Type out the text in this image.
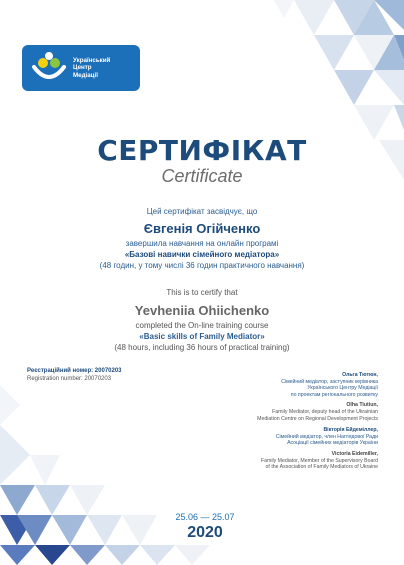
Український
Центр
Медіації
СЕРТИФІКАТ
Certificate
Цей сертифікат засвідчує, що
Євгенія Огійченко
завершила навчання на онлайн програмі
«Базові навички сімейного медіатора»
(48 годин, у тому числі 36 годин практичного навчання)
This is to certify that
Yevheniia Ohiichenko
completed the On-line training course
«Basic skills of Family Mediator»
(48 hours, including 36 hours of practical training)
Реєстраційний номер: 20070203
Registration number: 20070203
Ольга Тютюн,
Сімейний медіатор, заступник керівника
Українського Центру Медіації
по проектам регіонального розвитку
Olha Tiutiun,
Family Mediator, deputy head of the Ukrainian
Mediation Centre on Regional Development Projects
Вікторія Ейдеміллер,
Сімейний медіатор, член Наглядової Ради
Асоціації сімейних медіаторів України
Victoria Eidemiller,
Family Mediator, Member of the Supervisory Board
of the Association of Family Mediators of Ukraine
25.06 — 25.07
2020
